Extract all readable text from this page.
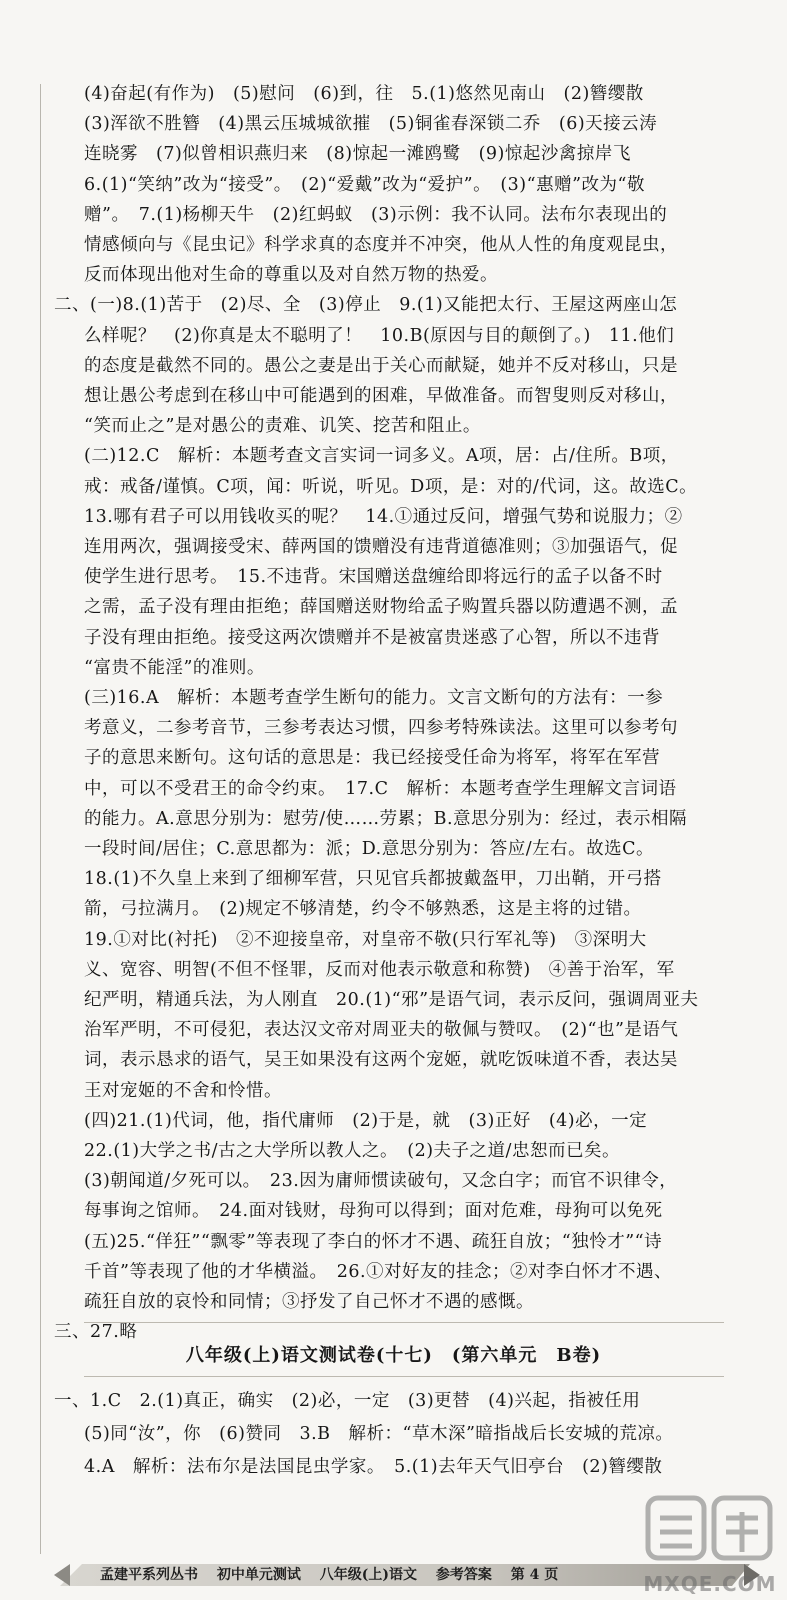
(4)奋起(有作为)　(5)慰问　(6)到，往　5.(1)悠然见南山　(2)簪缨散
(3)浑欲不胜簪　(4)黑云压城城欲摧　(5)铜雀春深锁二乔　(6)天接云涛
连晓雾　(7)似曾相识燕归来　(8)惊起一滩鸥鹭　(9)惊起沙禽掠岸飞
6.(1)“笑纳”改为“接受”。　(2)“爱戴”改为“爱护”。　(3)“惠赠”改为“敬
赠”。　7.(1)杨柳天牛　(2)红蚂蚁　(3)示例：我不认同。法布尔表现出的
情感倾向与《昆虫记》科学求真的态度并不冲突，他从人性的角度观昆虫，
反而体现出他对生命的尊重以及对自然万物的热爱。
二、(一)8.(1)苦于　(2)尽、全　(3)停止　9.(1)又能把太行、王屋这两座山怎
么样呢？　(2)你真是太不聪明了！　10.B(原因与目的颠倒了。)　11.他们
的态度是截然不同的。愚公之妻是出于关心而献疑，她并不反对移山，只是
想让愚公考虑到在移山中可能遇到的困难，早做准备。而智叟则反对移山，
“笑而止之”是对愚公的责难、讥笑、挖苦和阻止。
(二)12.C　解析：本题考查文言实词一词多义。A项，居：占/住所。B项，
戒：戒备/谨慎。C项，闻：听说，听见。D项，是：对的/代词，这。故选C。
13.哪有君子可以用钱收买的呢？　14.①通过反问，增强气势和说服力；②
连用两次，强调接受宋、薛两国的馈赠没有违背道德准则；③加强语气，促
使学生进行思考。　15.不违背。宋国赠送盘缠给即将远行的孟子以备不时
之需，孟子没有理由拒绝；薛国赠送财物给孟子购置兵器以防遭遇不测，孟
子没有理由拒绝。接受这两次馈赠并不是被富贵迷惑了心智，所以不违背
“富贵不能淫”的准则。
(三)16.A　解析：本题考查学生断句的能力。文言文断句的方法有：一参
考意义，二参考音节，三参考表达习惯，四参考特殊读法。这里可以参考句
子的意思来断句。这句话的意思是：我已经接受任命为将军，将军在军营
中，可以不受君王的命令约束。　17.C　解析：本题考查学生理解文言词语
的能力。A.意思分别为：慰劳/使……劳累；B.意思分别为：经过，表示相隔
一段时间/居住；C.意思都为：派；D.意思分别为：答应/左右。故选C。
18.(1)不久皇上来到了细柳军营，只见官兵都披戴盔甲，刀出鞘，开弓搭
箭，弓拉满月。　(2)规定不够清楚，约令不够熟悉，这是主将的过错。
19.①对比(衬托)　②不迎接皇帝，对皇帝不敬(只行军礼等)　③深明大
义、宽容、明智(不但不怪罪，反而对他表示敬意和称赞)　④善于治军，军
纪严明，精通兵法，为人刚直　20.(1)“邪”是语气词，表示反问，强调周亚夫
治军严明，不可侵犯，表达汉文帝对周亚夫的敬佩与赞叹。　(2)“也”是语气
词，表示恳求的语气，吴王如果没有这两个宠姬，就吃饭味道不香，表达吴
王对宠姬的不舍和怜惜。
(四)21.(1)代词，他，指代庸师　(2)于是，就　(3)正好　(4)必，一定
22.(1)大学之书/古之大学所以教人之。　(2)夫子之道/忠恕而已矣。
(3)朝闻道/夕死可以。　23.因为庸师惯读破句，又念白字；而官不识律令，
每事询之馆师。　24.面对钱财，母狗可以得到；面对危难，母狗可以免死
(五)25.“佯狂”“飘零”等表现了李白的怀才不遇、疏狂自放；“独怜才”“诗
千首”等表现了他的才华横溢。　26.①对好友的挂念；②对李白怀才不遇、
疏狂自放的哀怜和同情；③抒发了自己怀才不遇的感慨。
三、27.略
八年级(上)语文测试卷(十七)　(第六单元　B卷)
一、1.C　2.(1)真正，确实　(2)必，一定　(3)更替　(4)兴起，指被任用
(5)同“汝”，你　(6)赞同　3.B　解析：“草木深”暗指战后长安城的荒凉。
4.A　解析：法布尔是法国昆虫学家。　5.(1)去年天气旧亭台　(2)簪缨散
孟建平系列丛书 初中单元测试 八年级(上)语文 参考答案 第 4 页	MXQE.COM
